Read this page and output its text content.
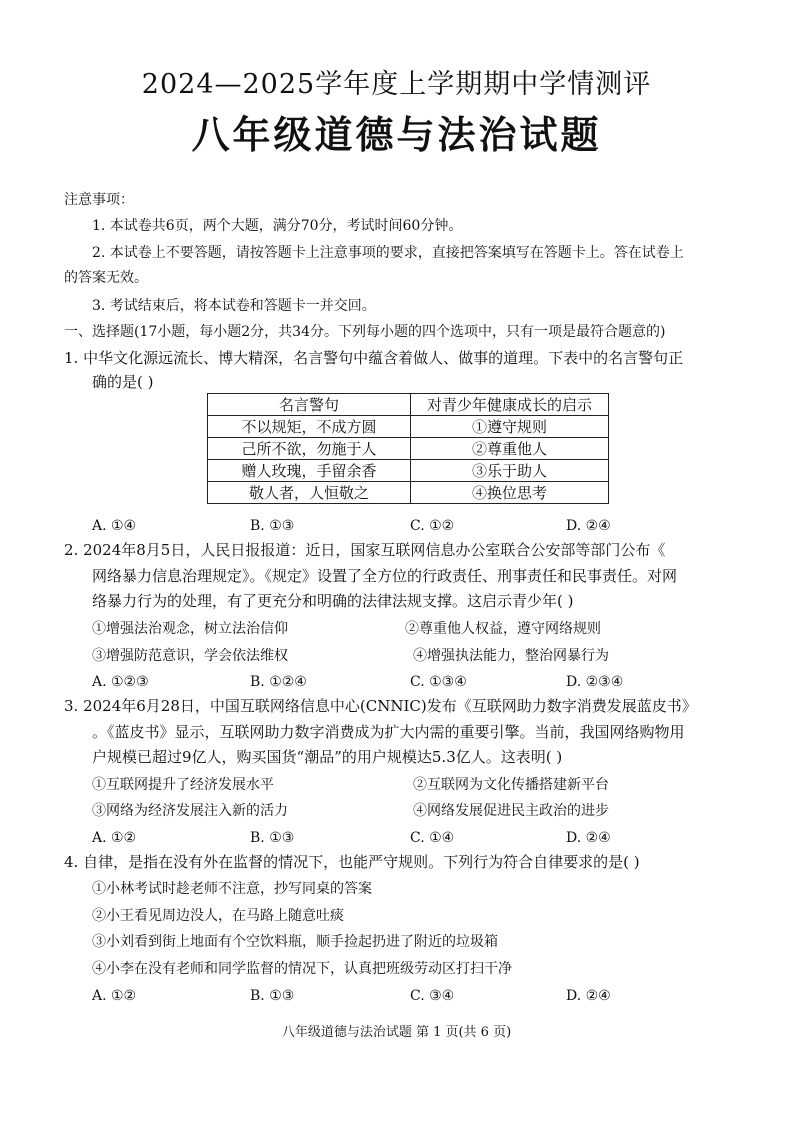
2024—2025学年度上学期期中学情测评
八年级道德与法治试题
注意事项：
1. 本试卷共6页，两个大题，满分70分，考试时间60分钟。
2. 本试卷上不要答题，请按答题卡上注意事项的要求，直接把答案填写在答题卡上。答在试卷上
的答案无效。
3. 考试结束后，将本试卷和答题卡一并交回。
一、选择题(17小题，每小题2分，共34分。下列每小题的四个选项中，只有一项是最符合题意的)
1. 中华文化源远流长、博大精深，名言警句中蕴含着做人、做事的道理。下表中的名言警句正
确的是( )
名言警句	对青少年健康成长的启示
不以规矩，不成方圆	①遵守规则
己所不欲，勿施于人	②尊重他人
赠人玫瑰，手留余香	③乐于助人
敬人者，人恒敬之	④换位思考
A. ①④	B. ①③	C. ①②	D. ②④
2. 2024年8月5日，人民日报报道：近日，国家互联网信息办公室联合公安部等部门公布《
网络暴力信息治理规定》。《规定》设置了全方位的行政责任、刑事责任和民事责任。对网
络暴力行为的处理，有了更充分和明确的法律法规支撑。这启示青少年( )
①增强法治观念，树立法治信仰	②尊重他人权益，遵守网络规则
③增强防范意识，学会依法维权	④增强执法能力，整治网暴行为
A. ①②③	B. ①②④	C. ①③④	D. ②③④
3. 2024年6月28日，中国互联网络信息中心(CNNIC)发布《互联网助力数字消费发展蓝皮书》
。《蓝皮书》显示，互联网助力数字消费成为扩大内需的重要引擎。当前，我国网络购物用
户规模已超过9亿人，购买国货“潮品”的用户规模达5.3亿人。这表明( )
①互联网提升了经济发展水平	②互联网为文化传播搭建新平台
③网络为经济发展注入新的活力	④网络发展促进民主政治的进步
A. ①②	B. ①③	C. ①④	D. ②④
4. 自律，是指在没有外在监督的情况下，也能严守规则。下列行为符合自律要求的是( )
①小林考试时趁老师不注意，抄写同桌的答案
②小王看见周边没人，在马路上随意吐痰
③小刘看到街上地面有个空饮料瓶，顺手捡起扔进了附近的垃圾箱
④小李在没有老师和同学监督的情况下，认真把班级劳动区打扫干净
A. ①②	B. ①③	C. ③④	D. ②④
八年级道德与法治试题 第 1 页(共 6 页)
